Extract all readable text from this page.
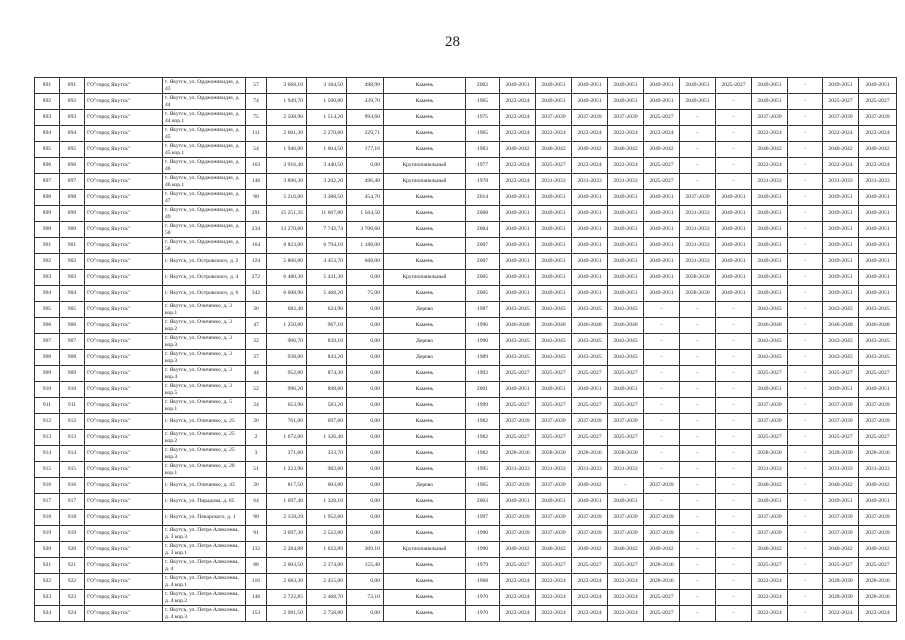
28
891	891	ГО"город Якутск"	г. Якутск, ул. Орджоникидзе, д. 43	57	3 668,10	3 184,50	498,90	Камень	2002	2049-2051	2049-2051	2049-2051	2049-2051	2049-2051	2049-2051	2025-2027	2049-2051	-	2049-2051	2049-2051
892	892	ГО"город Якутск"	г. Якутск, ул. Орджоникидзе, д. 44	74	1 949,70	1 500,80	439,70	Камень	1965	2022-2024	2049-2051	2049-2051	2049-2051	2049-2051	2049-2051	-	2049-2051	-	2025-2027	2025-2027
893	893	ГО"город Якутск"	г. Якутск, ул. Орджоникидзе, д. 44 кор.1	75	2 508,90	1 514,20	994,60	Камень	1975	2022-2024	2037-2039	2037-2039	2037-2039	2025-2027	-	-	2037-2039	-	2037-2039	2037-2039
894	894	ГО"город Якутск"	г. Якутск, ул. Орджоникидзе, д. 45	111	2 601,30	2 270,60	229,71	Камень	1965	2022-2024	2022-2024	2022-2024	2022-2024	2022-2024	-	-	2022-2024	-	2022-2024	2022-2024
895	895	ГО"город Якутск"	г. Якутск, ул. Орджоникидзе, д. 45 кор.1	54	1 946,00	1 604,50	177,16	Камень	1983	2040-2042	2040-2042	2040-2042	2040-2042	2040-2042	-	-	2040-2042	-	2040-2042	2040-2042
896	896	ГО"город Якутск"	г. Якутск, ул. Орджоникидзе, д. 46	163	3 916,40	3 440,50	0,00	Крупнопанельный	1977	2022-2024	2025-2027	2022-2024	2022-2024	2025-2027	-	-	2022-2024	-	2022-2024	2022-2024
897	897	ГО"город Якутск"	г. Якутск, ул. Орджоникидзе, д. 46 кор.1	146	3 896,30	3 202,20	496,40	Крупнопанельный	1978	2022-2024	2031-2033	2031-2033	2031-2033	2025-2027	-	-	2031-2033	-	2031-2033	2031-2033
898	898	ГО"город Якутск"	г. Якутск, ул. Орджоникидзе, д. 47	90	5 216,00	3 388,50	454,70	Камень	2014	2049-2051	2049-2051	2049-2051	2049-2051	2049-2051	2037-2039	2049-2051	2049-2051	-	2049-2051	2049-2051
899	899	ГО"город Якутск"	г. Якутск, ул. Орджоникидзе, д. 49	291	15 251,35	11 667,80	1 564,50	Камень	2008	2049-2051	2049-2051	2049-2051	2049-2051	2049-2051	2031-2033	2049-2051	2049-2051	-	2049-2051	2049-2051
900	900	ГО"город Якутск"	г. Якутск, ул. Орджоникидзе, д. 50	234	13 270,60	7 742,74	3 700,60	Камень	2004	2049-2051	2049-2051	2049-2051	2049-2051	2049-2051	2031-2033	2049-2051	2049-2051	-	2049-2051	2049-2051
901	901	ГО"город Якутск"	г. Якутск, ул. Орджоникидзе, д. 58	164	8 823,00	6 794,10	1 188,00	Камень	2007	2049-2051	2049-2051	2049-2051	2049-2051	2049-2051	2031-2033	2049-2051	2049-2051	-	2049-2051	2049-2051
902	902	ГО"город Якутск"	г. Якутск, ул. Островского, д. 2	124	5 866,80	4 453,70	668,00	Камень	2007	2049-2051	2049-2051	2049-2051	2049-2051	2049-2051	2031-2033	2049-2051	2049-2051	-	2049-2051	2049-2051
903	903	ГО"город Якутск"	г. Якутск, ул. Островского, д. 4	272	6 480,30	5 431,30	0,00	Крупнопанельный	2005	2049-2051	2049-2051	2049-2051	2049-2051	2049-2051	2028-2030	2049-2051	2049-2051	-	2049-2051	2049-2051
904	904	ГО"город Якутск"	г. Якутск, ул. Островского, д. 6	342	6 608,90	5 468,20	75,00	Камень	2005	2049-2051	2049-2051	2049-2051	2049-2051	2049-2051	2028-2030	2049-2051	2049-2051	-	2049-2051	2049-2051
905	905	ГО"город Якутск"	г. Якутск, ул. Очиченко, д. 3 кор.1	36	682,40	624,90	0,00	Дерево	1987	2043-2045	2043-2045	2043-2045	2043-2045	-	-	-	2043-2045	-	2043-2045	2043-2045
906	906	ГО"город Якутск"	г. Якутск, ул. Очиченко, д. 3 кор.2	47	1 250,80	967,10	0,00	Камень	1996	2046-2048	2046-2048	2046-2048	2046-2048	-	-	-	2046-2048	-	2046-2048	2046-2048
907	907	ГО"город Якутск"	г. Якутск, ул. Очиченко, д. 3 кор.3	32	906,70	839,10	0,00	Дерево	1990	2043-2045	2043-2045	2043-2045	2043-2045	-	-	-	2043-2045	-	2043-2045	2043-2045
908	908	ГО"город Якутск"	г. Якутск, ул. Очиченко, д. 3 кор.3	37	938,00	843,20	0,00	Дерево	1989	2043-2045	2043-2045	2043-2045	2043-2045	-	-	-	2043-2045	-	2043-2045	2043-2045
909	909	ГО"город Якутск"	г. Якутск, ул. Очиченко, д. 3 кор.4	44	952,80	874,30	0,00	Камень	1992	2025-2027	2025-2027	2025-2027	2025-2027	-	-	-	2025-2027	-	2025-2027	2025-2027
910	910	ГО"город Якутск"	г. Якутск, ул. Очиченко, д. 3 кор.5	52	996,20	898,60	0,00	Камень	2001	2049-2051	2049-2051	2049-2051	2049-2051	-	-	-	2049-2051	-	2049-2051	2049-2051
911	911	ГО"город Якутск"	г. Якутск, ул. Очиченко, д. 5 кор.1	24	653,90	583,20	0,00	Камень	1999	2025-2027	2025-2027	2025-2027	2025-2027	-	-	-	2037-2039	-	2037-2039	2037-2039
912	912	ГО"город Якутск"	г. Якутск, ул. Очиченко, д. 25	26	761,00	697,60	0,00	Камень	1982	2037-2039	2037-2039	2037-2039	2037-2039	-	-	-	2037-2039	-	2037-2039	2037-2039
913	913	ГО"город Якутск"	г. Якутск, ул. Очиченко, д. 25 кор.2	2	1 672,00	1 326,40	0,00	Камень	1982	2025-2027	2025-2027	2025-2027	2025-2027	-	-	-	2025-2027	-	2025-2027	2025-2027
914	914	ГО"город Якутск"	г. Якутск, ул. Очиченко, д. 25 кор.3	3	371,60	333,70	0,00	Камень	1982	2028-2030	2028-2030	2028-2030	2028-2030	-	-	-	2028-2030	-	2028-2030	2028-2030
915	915	ГО"город Якутск"	г. Якутск, ул. Очиченко, д. 28 кор.1	51	1 223,90	982,60	0,00	Камень	1995	2031-2033	2031-2033	2031-2033	2031-2033	-	-	-	2031-2033	-	2031-2033	2031-2033
916	916	ГО"город Якутск"	г. Якутск, ул. Очиченко, д. 43	26	817,50	603,80	0,00	Дерево	1965	2037-2039	2037-2039	2040-2042	-	2037-2039	-	-	2040-2042	-	2040-2042	2040-2042
917	917	ГО"город Якутск"	г. Якутск, ул. Пирадова, д. 65	64	1 697,40	1 328,10	0,00	Камень	2003	2049-2051	2049-2051	2049-2051	2049-2051	-	-	-	2049-2051	-	2049-2051	2049-2051
918	918	ГО"город Якутск"	г. Якутск, ул. Пекарского, д. 1	90	2 158,29	1 952,60	0,00	Камень	1997	2037-2039	2037-2039	2037-2039	2037-2039	2037-2039	-	-	2037-2039	-	2037-2039	2037-2039
919	919	ГО"город Якутск"	г. Якутск, ул. Петра Алексеева, д. 3 кор.3	91	3 697,30	2 522,80	0,00	Камень	1990	2037-2039	2037-2039	2037-2039	2037-2039	2037-2039	-	-	2037-2039	-	2037-2039	2037-2039
920	920	ГО"город Якутск"	г. Якутск, ул. Петра Алексеева, д. 3 кор.1	132	2 284,88	1 622,89	309,10	Крупнопанельный	1990	2040-2042	2040-2042	2040-2042	2040-2042	2040-2042	-	-	2040-2042	-	2040-2042	2040-2042
921	921	ГО"город Якутск"	г. Якутск, ул. Петра Алексеева, д. 4	88	2 603,50	2 374,00	155,40	Камень	1979	2025-2027	2025-2027	2025-2027	2025-2027	2028-2030	-	-	2025-2027	-	2025-2027	2025-2027
922	922	ГО"город Якутск"	г. Якутск, ул. Петра Алексеева, д. 4 кор.1	116	2 683,30	2 455,00	0,00	Камень	1968	2022-2024	2022-2024	2022-2024	2022-2024	2028-2030	-	-	2022-2024	-	2028-2030	2028-2030
923	923	ГО"город Якутск"	г. Якутск, ул. Петра Алексеева, д. 4 кор.2	146	2 722,85	2 468,70	72,10	Камень	1970	2022-2024	2022-2024	2022-2024	2022-2024	2025-2027	-	-	2022-2024	-	2028-2030	2028-2030
924	924	ГО"город Якутск"	г. Якутск, ул. Петра Алексеева, д. 4 кор.3	153	2 981,50	2 758,80	0,00	Камень	1970	2022-2024	2022-2024	2022-2024	2022-2024	2025-2027	-	-	2022-2024	-	2022-2024	2022-2024
